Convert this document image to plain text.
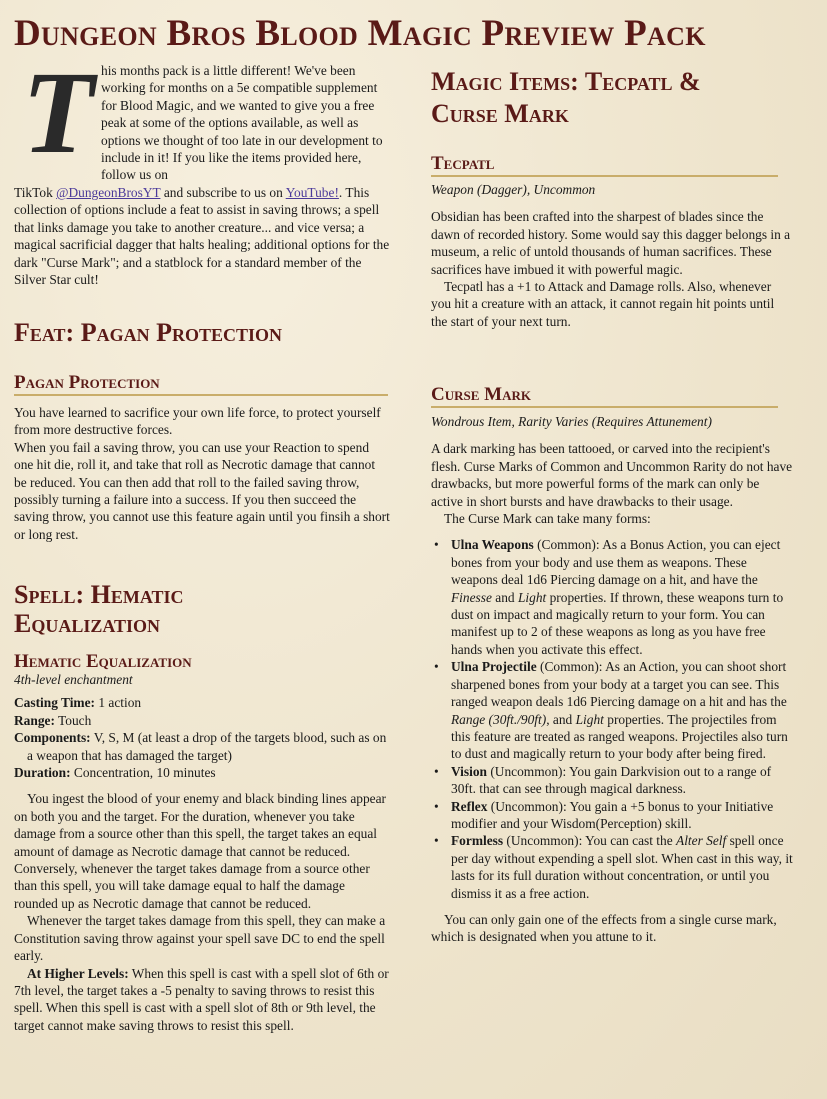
Dungeon Bros Blood Magic Preview Pack
T his months pack is a little different! We've been working for months on a 5e compatible supplement for Blood Magic, and we wanted to give you a free peak at some of the options available, as well as options we thought of too late in our development to include in it! If you like the items provided here, follow us on

TikTok @DungeonBrosYT and subscribe to us on YouTube!. This collection of options include a feat to assist in saving throws; a spell that links damage you take to another creature... and vice versa; a magical sacrificial dagger that halts healing; additional options for the dark "Curse Mark"; and a statblock for a standard member of the Silver Star cult!

Feat: Pagan Protection
Pagan Protection

You have learned to sacrifice your own life force, to protect yourself from more destructive forces.

When you fail a saving throw, you can use your Reaction to spend one hit die, roll it, and take that roll as Necrotic damage that cannot be reduced. You can then add that roll to the failed saving throw, possibly turning a failure into a success. If you then succeed the saving throw, you cannot use this feature again until you finsih a short or long rest.

Spell: Hematic Equalization
Hematic Equalization

4th-level enchantment

Casting Time: 1 action

Range: Touch

Components: V, S, M (at least a drop of the targets blood, such as on a weapon that has damaged the target)

Duration: Concentration, 10 minutes

You ingest the blood of your enemy and black binding lines appear on both you and the target. For the duration, whenever you take damage from a source other than this spell, the target takes an equal amount of damage as Necrotic damage that cannot be reduced. Conversely, whenever the target takes damage from a source other than this spell, you will take damage equal to half the damage rounded up as Necrotic damage that cannot be reduced.

Whenever the target takes damage from this spell, they can make a Constitution saving throw against your spell save DC to end the spell early.

At Higher Levels: When this spell is cast with a spell slot of 6th or 7th level, the target takes a -5 penalty to saving throws to resist this spell. When this spell is cast with a spell slot of 8th or 9th level, the target cannot make saving throws to resist this spell.

Magic Items: Tecpatl &
Curse Mark
Tecpatl

Weapon (Dagger), Uncommon

Obsidian has been crafted into the sharpest of blades since the dawn of recorded history. Some would say this dagger belongs in a museum, a relic of untold thousands of human sacrifices. These sacrifices have imbued it with powerful magic.

Tecpatl has a +1 to Attack and Damage rolls. Also, whenever you hit a creature with an attack, it cannot regain hit points until the start of your next turn.

Curse Mark

Wondrous Item, Rarity Varies (Requires Attunement)

A dark marking has been tattooed, or carved into the recipient's flesh. Curse Marks of Common and Uncommon Rarity do not have drawbacks, but more powerful forms of the mark can only be active in short bursts and have drawbacks to their usage.

The Curse Mark can take many forms:

• Ulna Weapons (Common): As a Bonus Action, you can eject bones from your body and use them as weapons. These weapons deal 1d6 Piercing damage on a hit, and have the Finesse and Light properties. If thrown, these weapons turn to dust on impact and magically return to your form. You can manifest up to 2 of these weapons as long as you have free hands when you activate this effect.
• Ulna Projectile (Common): As an Action, you can shoot short sharpened bones from your body at a target you can see. This ranged weapon deals 1d6 Piercing damage on a hit and has the Range (30ft./90ft), and Light properties. The projectiles from this feature are treated as ranged weapons. Projectiles also turn to dust and magically return to your body after being fired.
• Vision (Uncommon): You gain Darkvision out to a range of 30ft. that can see through magical darkness.
• Reflex (Uncommon): You gain a +5 bonus to your Initiative modifier and your Wisdom(Perception) skill.
• Formless (Uncommon): You can cast the Alter Self spell once per day without expending a spell slot. When cast in this way, it lasts for its full duration without concentration, or until you dismiss it as a free action.

You can only gain one of the effects from a single curse mark, which is designated when you attune to it.
